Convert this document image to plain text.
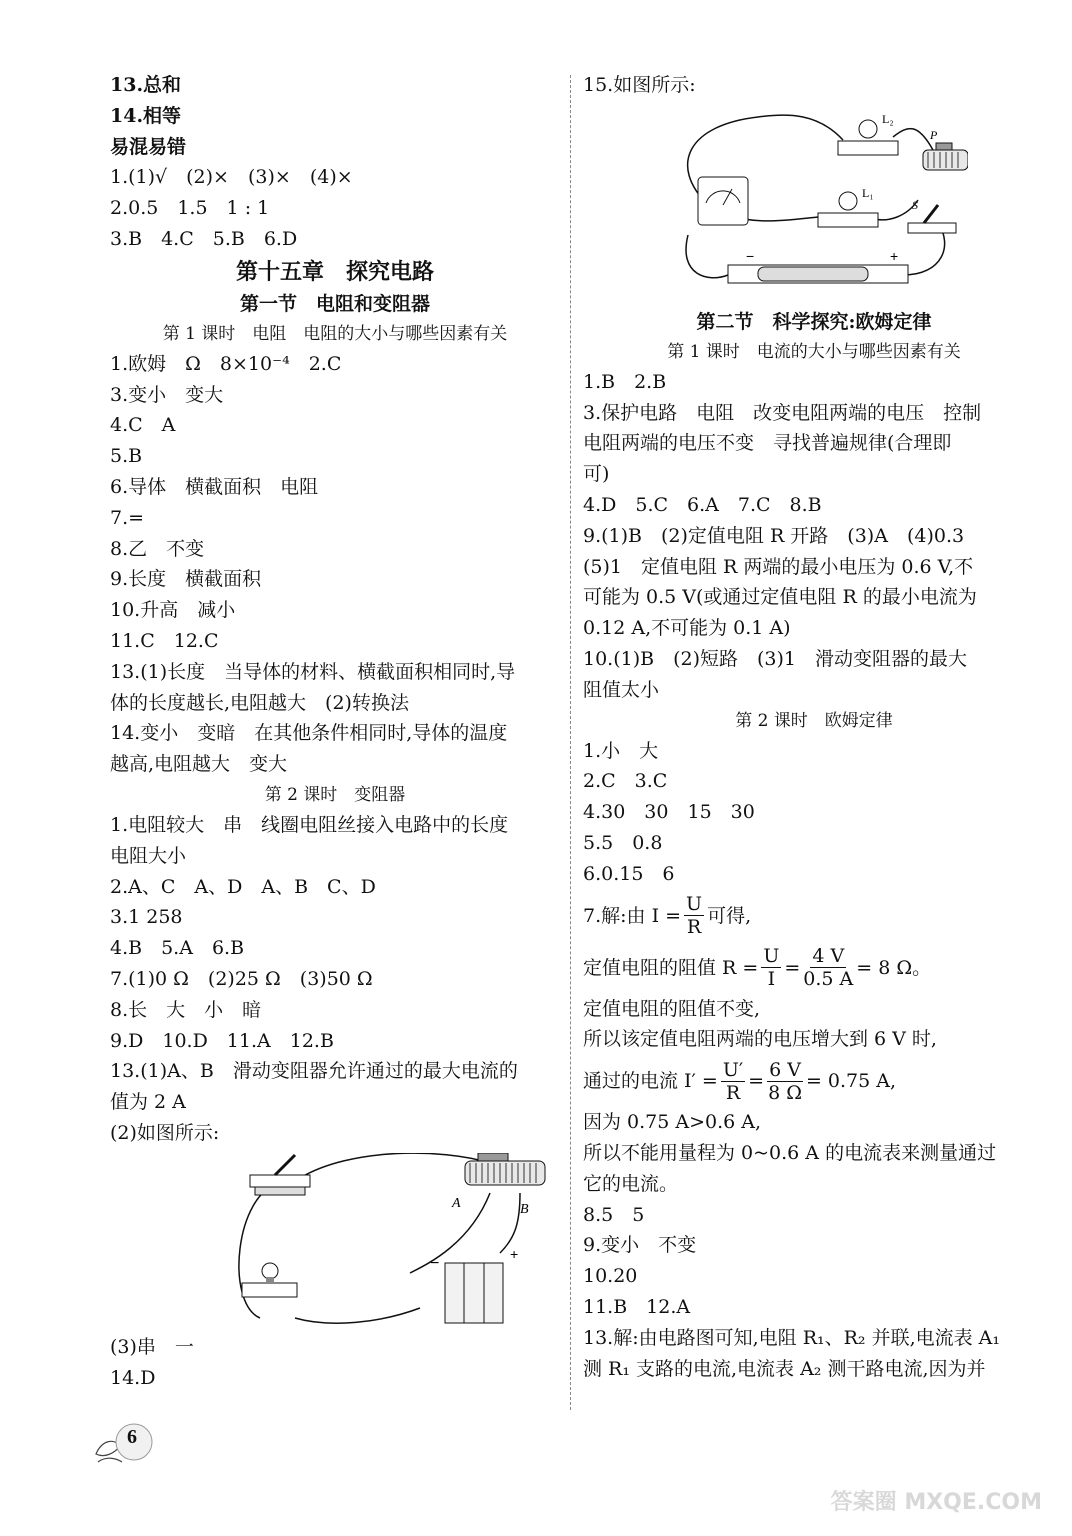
13.总和
14.相等
易混易错
1.(1)√　(2)×　(3)×　(4)×
2.0.5　1.5　1 : 1
3.B　4.C　5.B　6.D
第十五章　探究电路
第一节　电阻和变阻器
第 1 课时　电阻　电阻的大小与哪些因素有关
1.欧姆　Ω　8×10⁻⁴　2.C
3.变小　变大
4.C　A
5.B
6.导体　横截面积　电阻
7.=
8.乙　不变
9.长度　横截面积
10.升高　减小
11.C　12.C
13.(1)长度　当导体的材料、横截面积相同时,导
体的长度越长,电阻越大　(2)转换法
14.变小　变暗　在其他条件相同时,导体的温度
越高,电阻越大　变大
第 2 课时　变阻器
1.电阻较大　串　线圈电阻丝接入电路中的长度
电阻大小
2.A、C　A、D　A、B　C、D
3.1 258
4.B　5.A　6.B
7.(1)0 Ω　(2)25 Ω　(3)50 Ω
8.长　大　小　暗
9.D　10.D　11.A　12.B
13.(1)A、B　滑动变阻器允许通过的最大电流的
值为 2 A
(2)如图所示:
A	B
−
+
(3)串　一
14.D
15.如图所示:
L₂
P
L₁
S
−	+
第二节　科学探究:欧姆定律
第 1 课时　电流的大小与哪些因素有关
1.B　2.B
3.保护电路　电阻　改变电阻两端的电压　控制
电阻两端的电压不变　寻找普遍规律(合理即
可)
4.D　5.C　6.A　7.C　8.B
9.(1)B　(2)定值电阻 R 开路　(3)A　(4)0.3
(5)1　定值电阻 R 两端的最小电压为 0.6 V,不
可能为 0.5 V(或通过定值电阻 R 的最小电流为
0.12 A,不可能为 0.1 A)
10.(1)B　(2)短路　(3)1　滑动变阻器的最大
阻值太小
第 2 课时　欧姆定律
1.小　大
2.C　3.C
4.30　30　15　30
5.5　0.8
6.0.15　6
7.解:由 $I = \frac{U}{R}$ 可得,
定值电阻的阻值 $R = \frac{U}{I} = \frac{4 V}{0.5 A} = 8$ Ω。
定值电阻的阻值不变,
所以该定值电阻两端的电压增大到 6 V 时,
通过的电流 $I' = \frac{U'}{R} = \frac{6 V}{8 \Omega} = 0.75$ A,
因为 0.75 A>0.6 A,
所以不能用量程为 0~0.6 A 的电流表来测量通过
它的电流。
8.5　5
9.变小　不变
10.20
11.B　12.A
13.解:由电路图可知,电阻 R₁、R₂ 并联,电流表 A₁
测 R₁ 支路的电流,电流表 A₂ 测干路电流,因为并
6
答案圈 MXQE.COM
